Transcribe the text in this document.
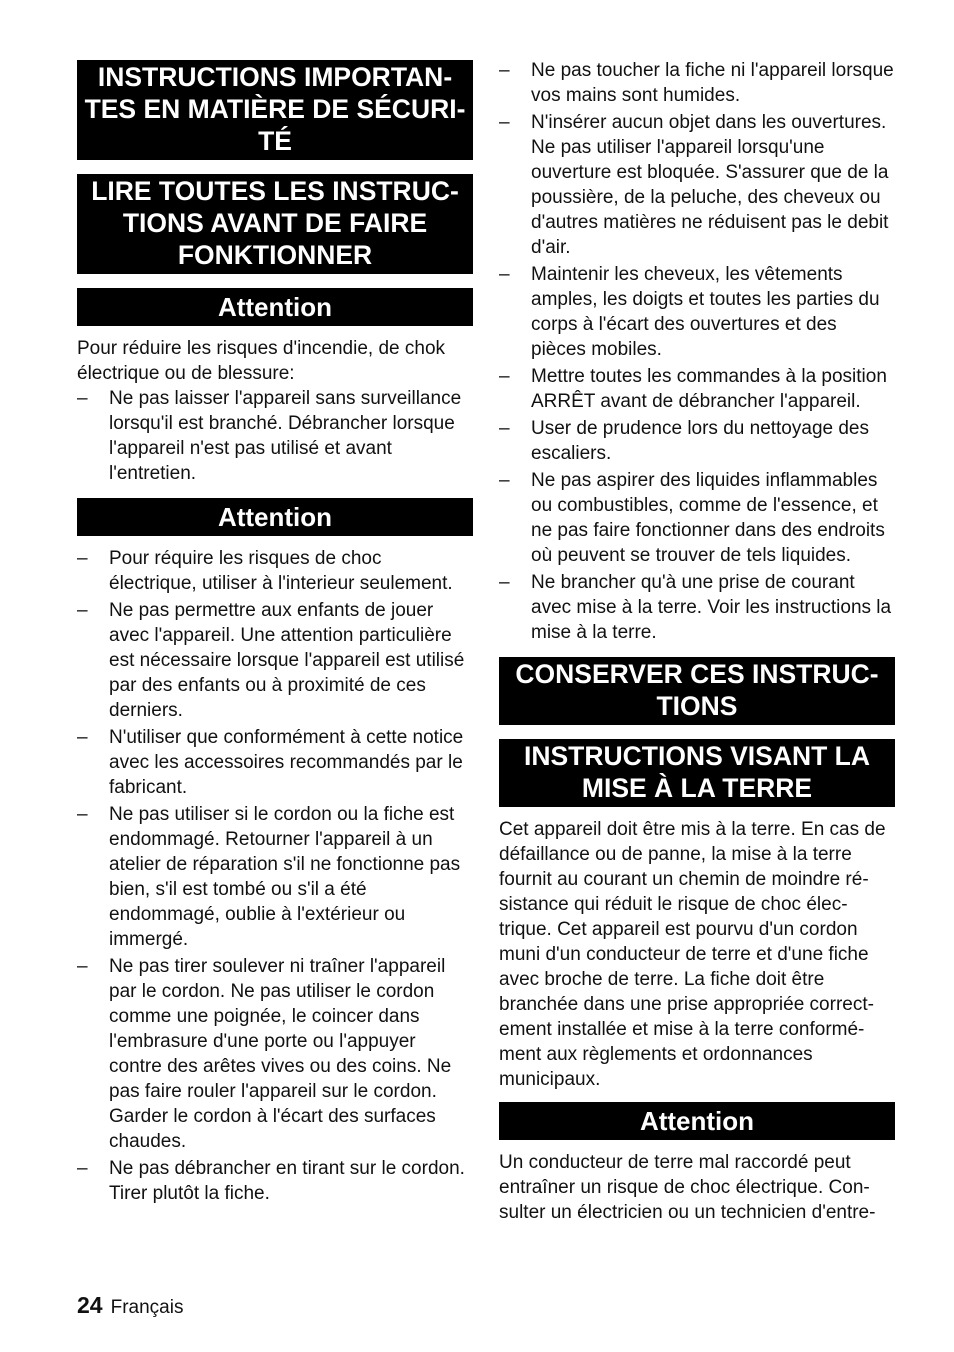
INSTRUCTIONS IMPORTAN-TES EN MATIÈRE DE SÉCURI-TÉ
LIRE TOUTES LES INSTRUC-TIONS AVANT DE FAIRE FONKTIONNER
Attention

Pour réduire les risques d'incendie, de chok électrique ou de blessure:

–	Ne pas laisser l'appareil sans surveillance lorsqu'il est branché. Débrancher lorsque l'appareil n'est pas utilisé et avant l'entretien.
Attention
–	Pour réquire les risques de choc électrique, utiliser à l'interieur seulement.
–	Ne pas permettre aux enfants de jouer avec l'appareil. Une attention particulière est nécessaire lorsque l'appareil est utilisé par des enfants ou à proximité de ces derniers.
–	N'utiliser que conformément à cette notice avec les accessoires recommandés par le fabricant.
–	Ne pas utiliser si le cordon ou la fiche est endommagé. Retourner l'appareil à un atelier de réparation s'il ne fonctionne pas bien, s'il est tombé ou s'il a été endommagé, oublie à l'extérieur ou immergé.
–	Ne pas tirer soulever ni traîner l'appareil par le cordon. Ne pas utiliser le cordon comme une poignée, le coincer dans l'embrasure d'une porte ou l'appuyer contre des arêtes vives ou des coins. Ne pas faire rouler l'appareil sur le cordon. Garder le cordon à l'écart des surfaces chaudes.
–	Ne pas débrancher en tirant sur le cordon. Tirer plutôt la fiche.
–	Ne pas toucher la fiche ni l'appareil lorsque vos mains sont humides.
–	N'insérer aucun objet dans les ouvertures. Ne pas utiliser l'appareil lorsqu'une ouverture est bloquée. S'assurer que de la poussière, de la peluche, des cheveux ou d'autres matières ne réduisent pas le debit d'air.
–	Maintenir les cheveux, les vêtements amples, les doigts et toutes les parties du corps à l'écart des ouvertures et des pièces mobiles.
–	Mettre toutes les commandes à la position ARRÊT avant de débrancher l'appareil.
–	User de prudence lors du nettoyage des escaliers.
–	Ne pas aspirer des liquides inflammables ou combustibles, comme de l'essence, et ne pas faire fonctionner dans des endroits où peuvent se trouver de tels liquides.
–	Ne brancher qu'à une prise de courant avec mise à la terre. Voir les instructions la mise à la terre.
CONSERVER CES INSTRUC-TIONS
INSTRUCTIONS VISANT LA MISE À LA TERRE

Cet appareil doit être mis à la terre. En cas de défaillance ou de panne, la mise à la terre fournit au courant un chemin de moindre ré-sistance qui réduit le risque de choc élec-trique. Cet appareil est pourvu d'un cordon muni d'un conducteur de terre et d'une fiche avec broche de terre. La fiche doit être branchée dans une prise appropriée correct-ement installée et mise à la terre conformé-ment aux règlements et ordonnances municipaux.

Attention

Un conducteur de terre mal raccordé peut entraîner un risque de choc électrique. Con-sulter un électricien ou un technicien d'entre-

24 Français
